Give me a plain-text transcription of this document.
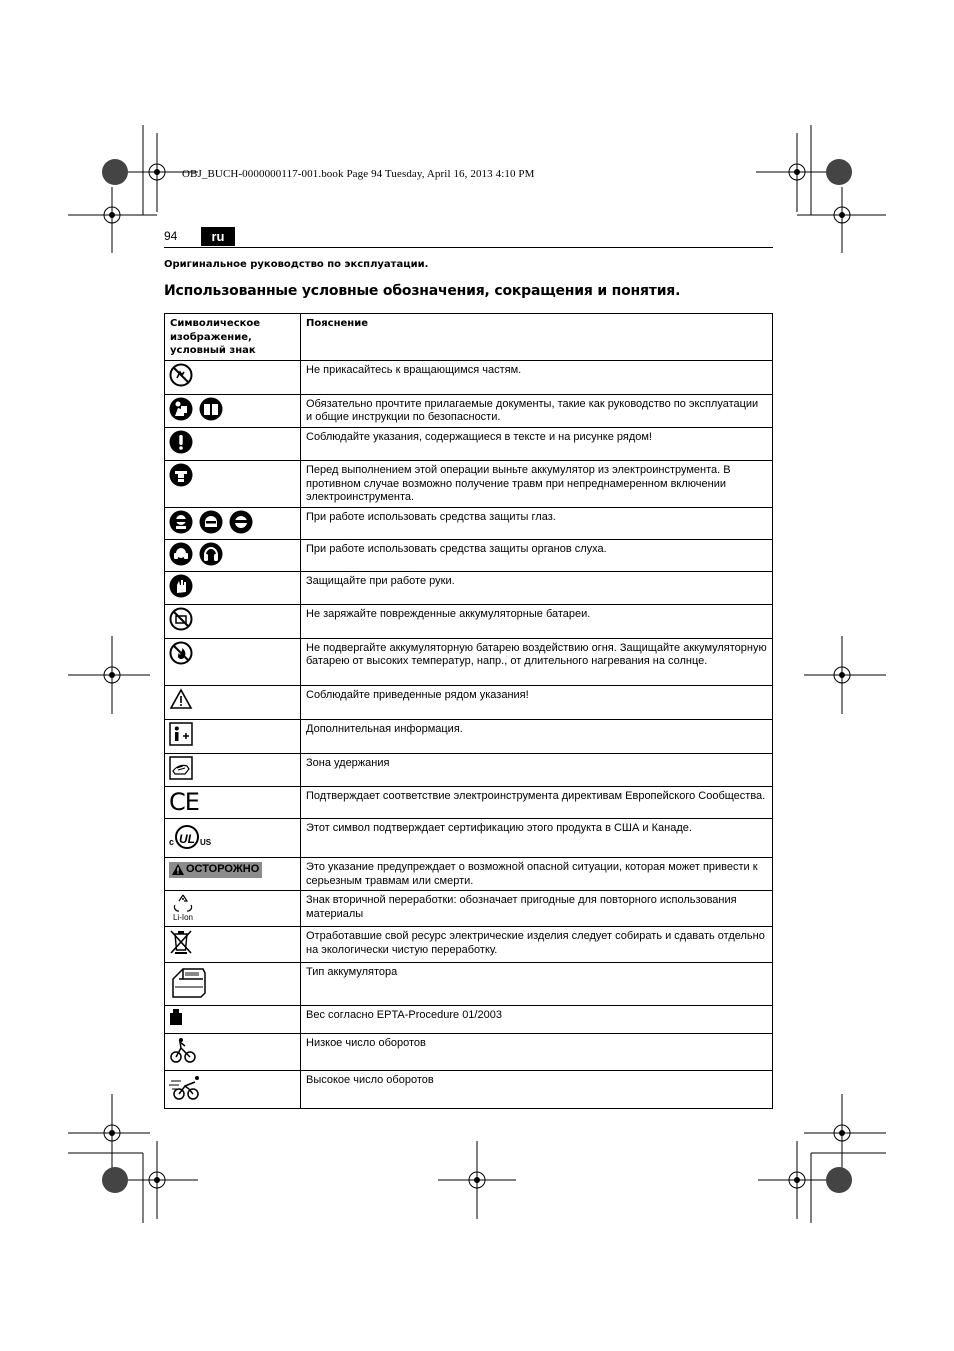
OBJ_BUCH-0000000117-001.book Page 94 Tuesday, April 16, 2013 4:10 PM
94	ru
Оригинальное руководство по эксплуатации.
Использованные условные обозначения, сокращения и понятия.
Символическое изображение, условный знак	Пояснение
	Не прикасайтесь к вращающимся частям.

	Обязательно прочтите прилагаемые документы, такие как руководство по эксплуатации и общие инструкции по безопасности.
	Соблюдайте указания, содержащиеся в тексте и на рисунке рядом!
	Перед выполнением этой операции выньте аккумулятор из электроинструмента. В противном случае возможно получение травм при непреднамеренном включении электроинструмента.

	При работе использовать средства защиты глаз.

	При работе использовать средства защиты органов слуха.
	Защищайте при работе руки.
	Не заряжайте поврежденные аккумуляторные батареи.
	Не подвергайте аккумуляторную батарею воздействию огня. Защищайте аккумуляторную батарею от высоких температур, напр., от длительного нагревания на солнце.
	Соблюдайте приведенные рядом указания!
	Дополнительная информация.
	Зона удержания
CE	Подтверждает соответствие электроинструмента директивам Европейского Сообщества.

c UL US	Этот символ подтверждает сертификацию этого продукта в США и Канаде.

ОСТОРОЖНО	Это указание предупреждает о возможной опасной ситуации, которая может привести к серьезным травмам или смерти.

Li-Ion	Знак вторичной переработки: обозначает пригодные для повторного использования материалы
	Отработавшие свой ресурс электрические изделия следует собирать и сдавать отдельно на экологически чистую переработку.
	Тип аккумулятора
	Вес согласно EPTA-Procedure 01/2003
	Низкое число оборотов
	Высокое число оборотов
